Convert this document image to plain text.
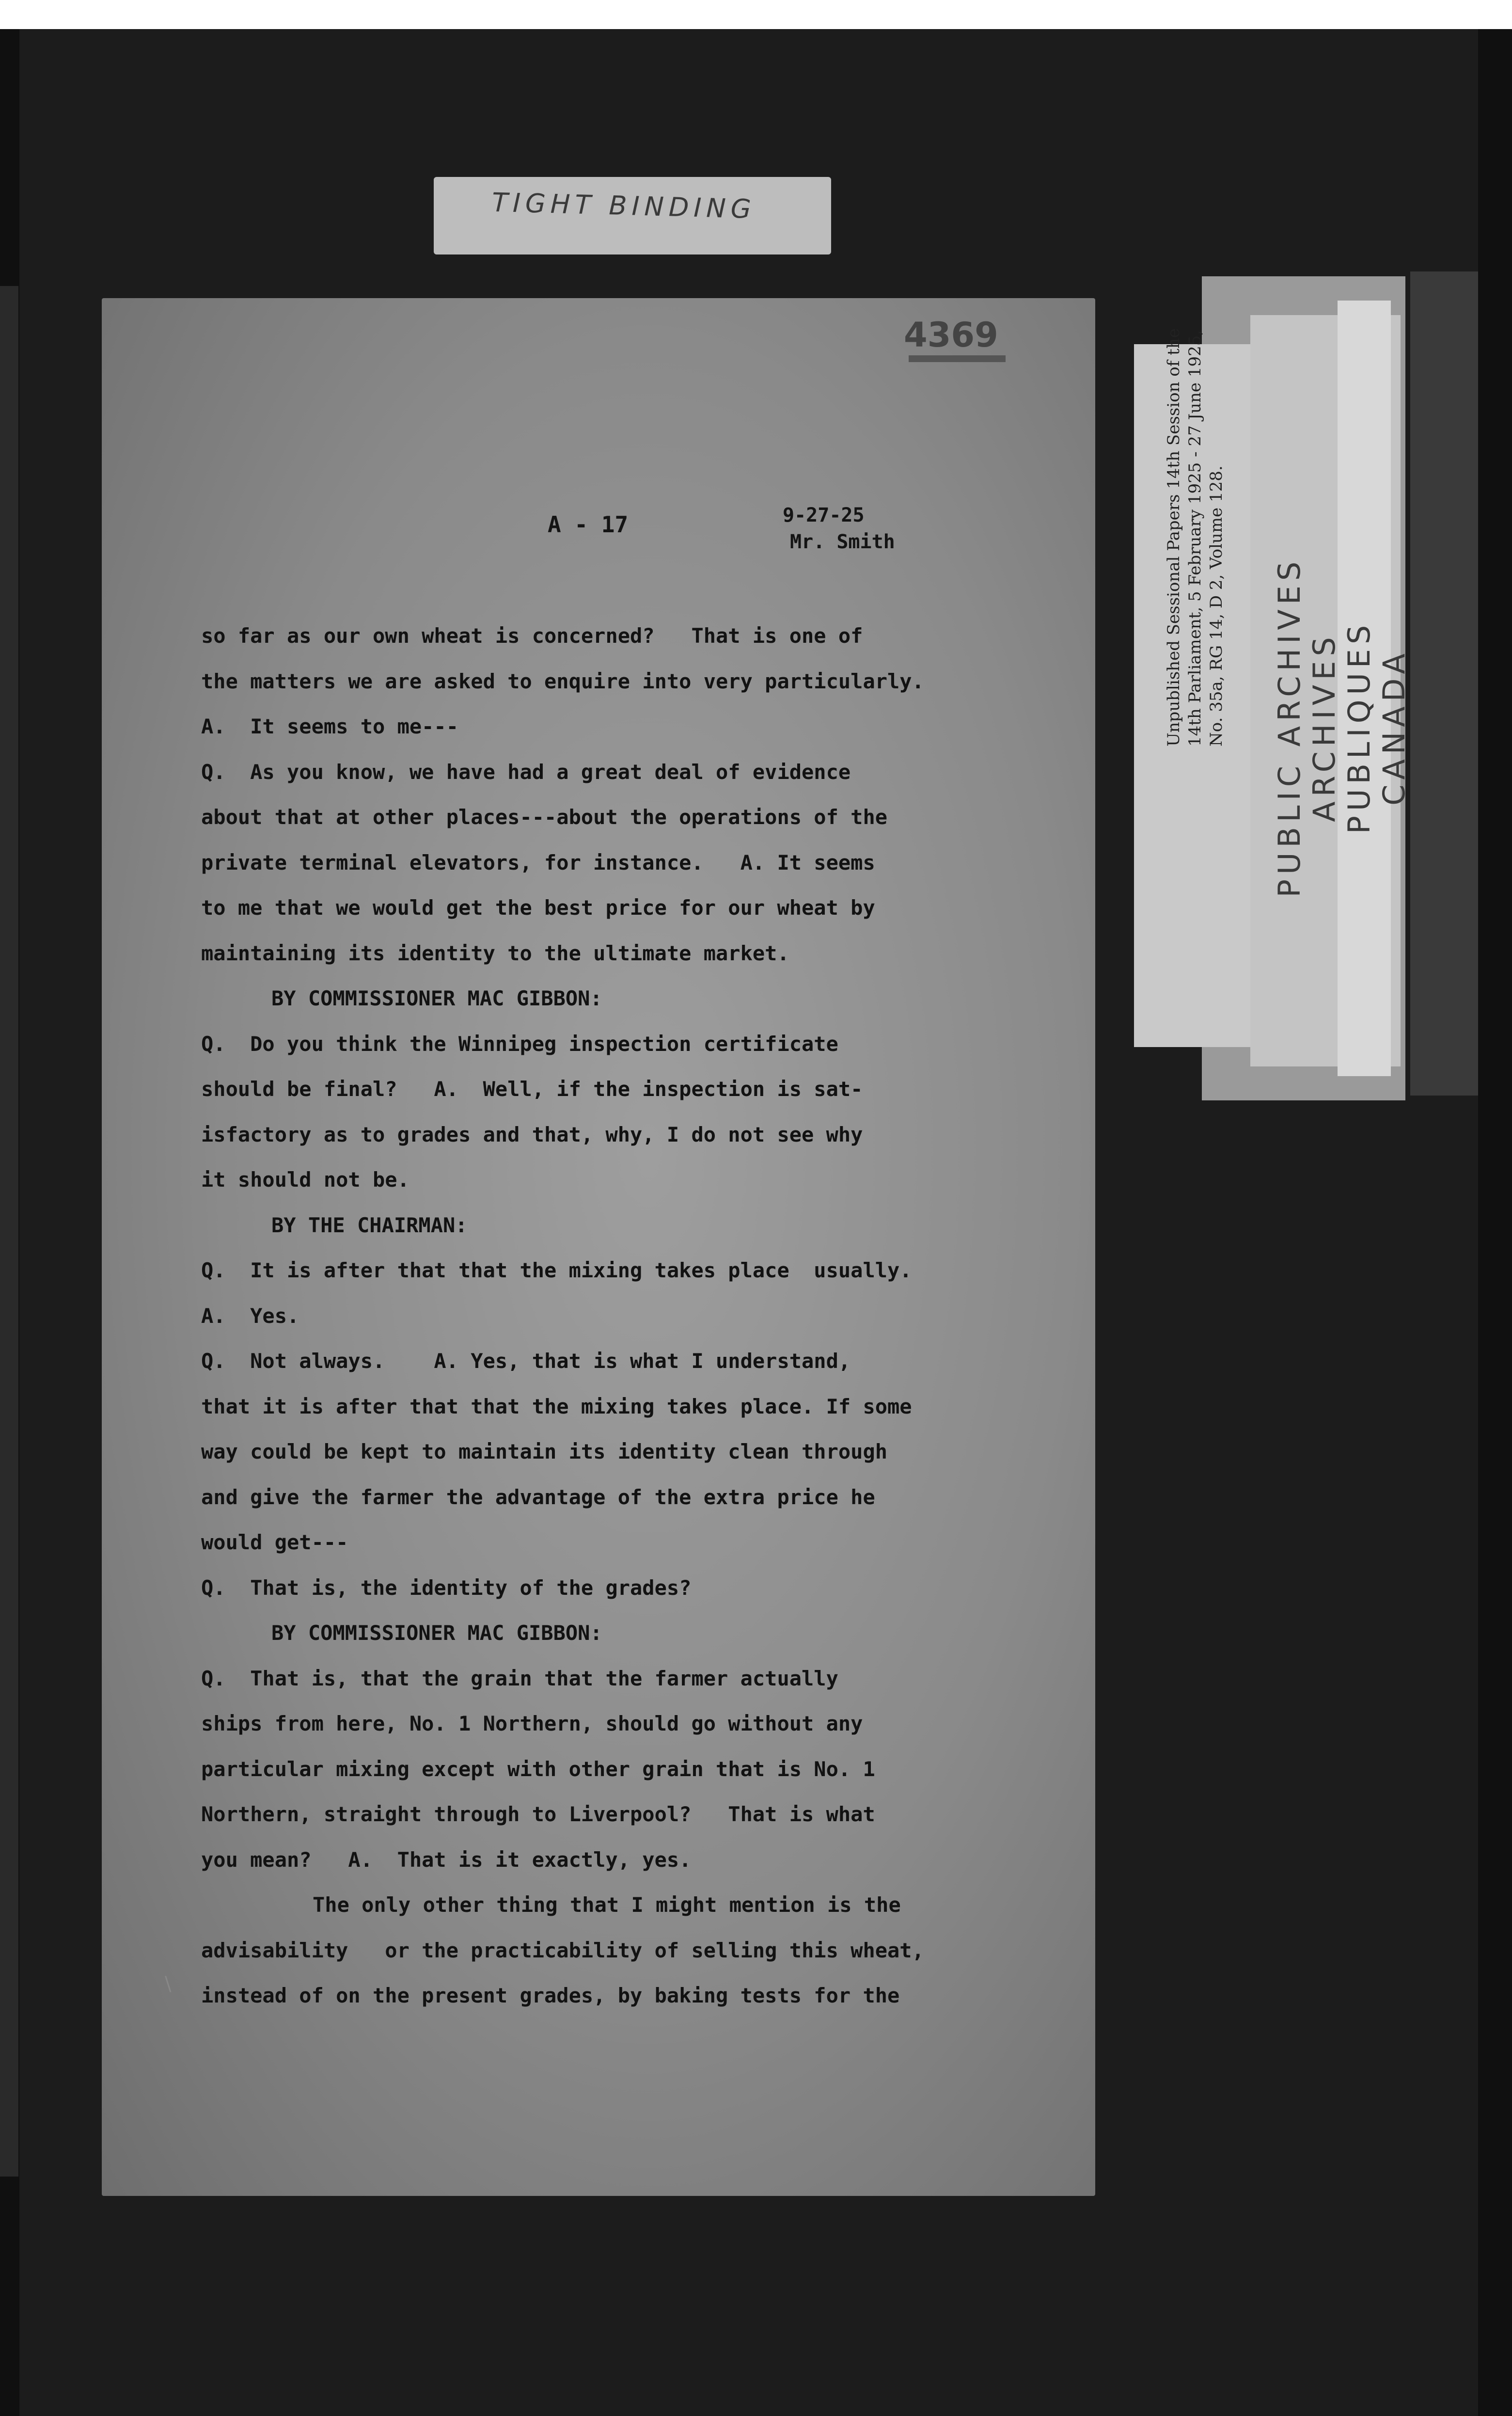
TIGHT BINDING
4369
A - 17	9-27-25
Mr. Smith
so far as our own wheat is concerned?   That is one of
the matters we are asked to enquire into very particularly.
A.  It seems to me---
Q.  As you know, we have had a great deal of evidence
about that at other places---about the operations of the
private terminal elevators, for instance.   A. It seems
to me that we would get the best price for our wheat by
maintaining its identity to the ultimate market.
BY COMMISSIONER MAC GIBBON:
Q.  Do you think the Winnipeg inspection certificate
should be final?   A.  Well, if the inspection is sat-
isfactory as to grades and that, why, I do not see why
it should not be.
BY THE CHAIRMAN:
Q.  It is after that that the mixing takes place  usually.
A.  Yes.
Q.  Not always.    A. Yes, that is what I understand,
that it is after that that the mixing takes place. If some
way could be kept to maintain its identity clean through
and give the farmer the advantage of the extra price he
would get---
Q.  That is, the identity of the grades?
BY COMMISSIONER MAC GIBBON:
Q.  That is, that the grain that the farmer actually
ships from here, No. 1 Northern, should go without any
particular mixing except with other grain that is No. 1
Northern, straight through to Liverpool?   That is what
you mean?   A.  That is it exactly, yes.
The only other thing that I might mention is the
advisability   or the practicability of selling this wheat,
instead of on the present grades, by baking tests for the
\
Unpublished Sessional Papers 14th Session of the 14th Parliament, 5 February 1925 - 27 June 1925, No. 35a, RG 14, D 2, Volume 128. PUBLIC ARCHIVES ARCHIVES PUBLIQUES CANADA
